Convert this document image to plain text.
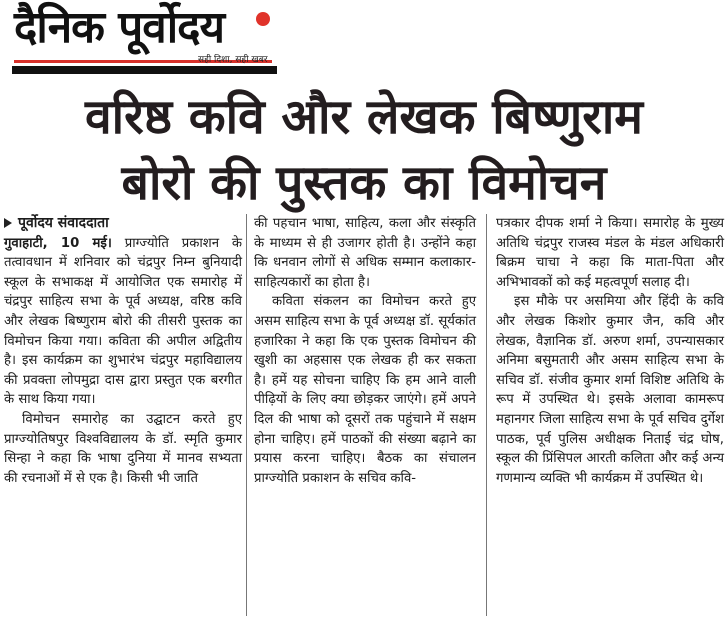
दैनिक पूर्वोदय
सही दिशा, सही खबर
वरिष्ठ कवि और लेखक बिष्णुराम
बोरो की पुस्तक का विमोचन

पूर्वोदय संवाददाता

गुवाहाटी, 10 मई। प्राग्ज्योति प्रकाशन के तत्वावधान में शनिवार को चंद्रपुर निम्न बुनियादी स्कूल के सभाकक्ष में आयोजित एक समारोह में चंद्रपुर साहित्य सभा के पूर्व अध्यक्ष, वरिष्ठ कवि और लेखक बिष्णुराम बोरो की तीसरी पुस्तक का विमोचन किया गया। कविता की अपील अद्वितीय है। इस कार्यक्रम का शुभारंभ चंद्रपुर महाविद्यालय की प्रवक्ता लोपमुद्रा दास द्वारा प्रस्तुत एक बरगीत के साथ किया गया।

विमोचन समारोह का उद्घाटन करते हुए प्राग्ज्योतिषपुर विश्वविद्यालय के डॉ. स्मृति कुमार सिन्हा ने कहा कि भाषा दुनिया में मानव सभ्यता की रचनाओं में से एक है। किसी भी जाति

की पहचान भाषा, साहित्य, कला और संस्कृति के माध्यम से ही उजागर होती है। उन्होंने कहा कि धनवान लोगों से अधिक सम्मान कलाकार-साहित्यकारों का होता है।

कविता संकलन का विमोचन करते हुए असम साहित्य सभा के पूर्व अध्यक्ष डॉ. सूर्यकांत हजारिका ने कहा कि एक पुस्तक विमोचन की खुशी का अहसास एक लेखक ही कर सकता है। हमें यह सोचना चाहिए कि हम आने वाली पीढ़ियों के लिए क्या छोड़कर जाएंगे। हमें अपने दिल की भाषा को दूसरों तक पहुंचाने में सक्षम होना चाहिए। हमें पाठकों की संख्या बढ़ाने का प्रयास करना चाहिए। बैठक का संचालन प्राग्ज्योति प्रकाशन के सचिव कवि-

पत्रकार दीपक शर्मा ने किया। समारोह के मुख्य अतिथि चंद्रपुर राजस्व मंडल के मंडल अधिकारी बिक्रम चाचा ने कहा कि माता-पिता और अभिभावकों को कई महत्वपूर्ण सलाह दी।

इस मौके पर असमिया और हिंदी के कवि और लेखक किशोर कुमार जैन, कवि और लेखक, वैज्ञानिक डॉ. अरुण शर्मा, उपन्यासकार अनिमा बसुमतारी और असम साहित्य सभा के सचिव डॉ. संजीव कुमार शर्मा विशिष्ट अतिथि के रूप में उपस्थित थे। इसके अलावा कामरूप महानगर जिला साहित्य सभा के पूर्व सचिव दुर्गेश पाठक, पूर्व पुलिस अधीक्षक निताई चंद्र घोष, स्कूल की प्रिंसिपल आरती कलिता और कई अन्य गणमान्य व्यक्ति भी कार्यक्रम में उपस्थित थे।
